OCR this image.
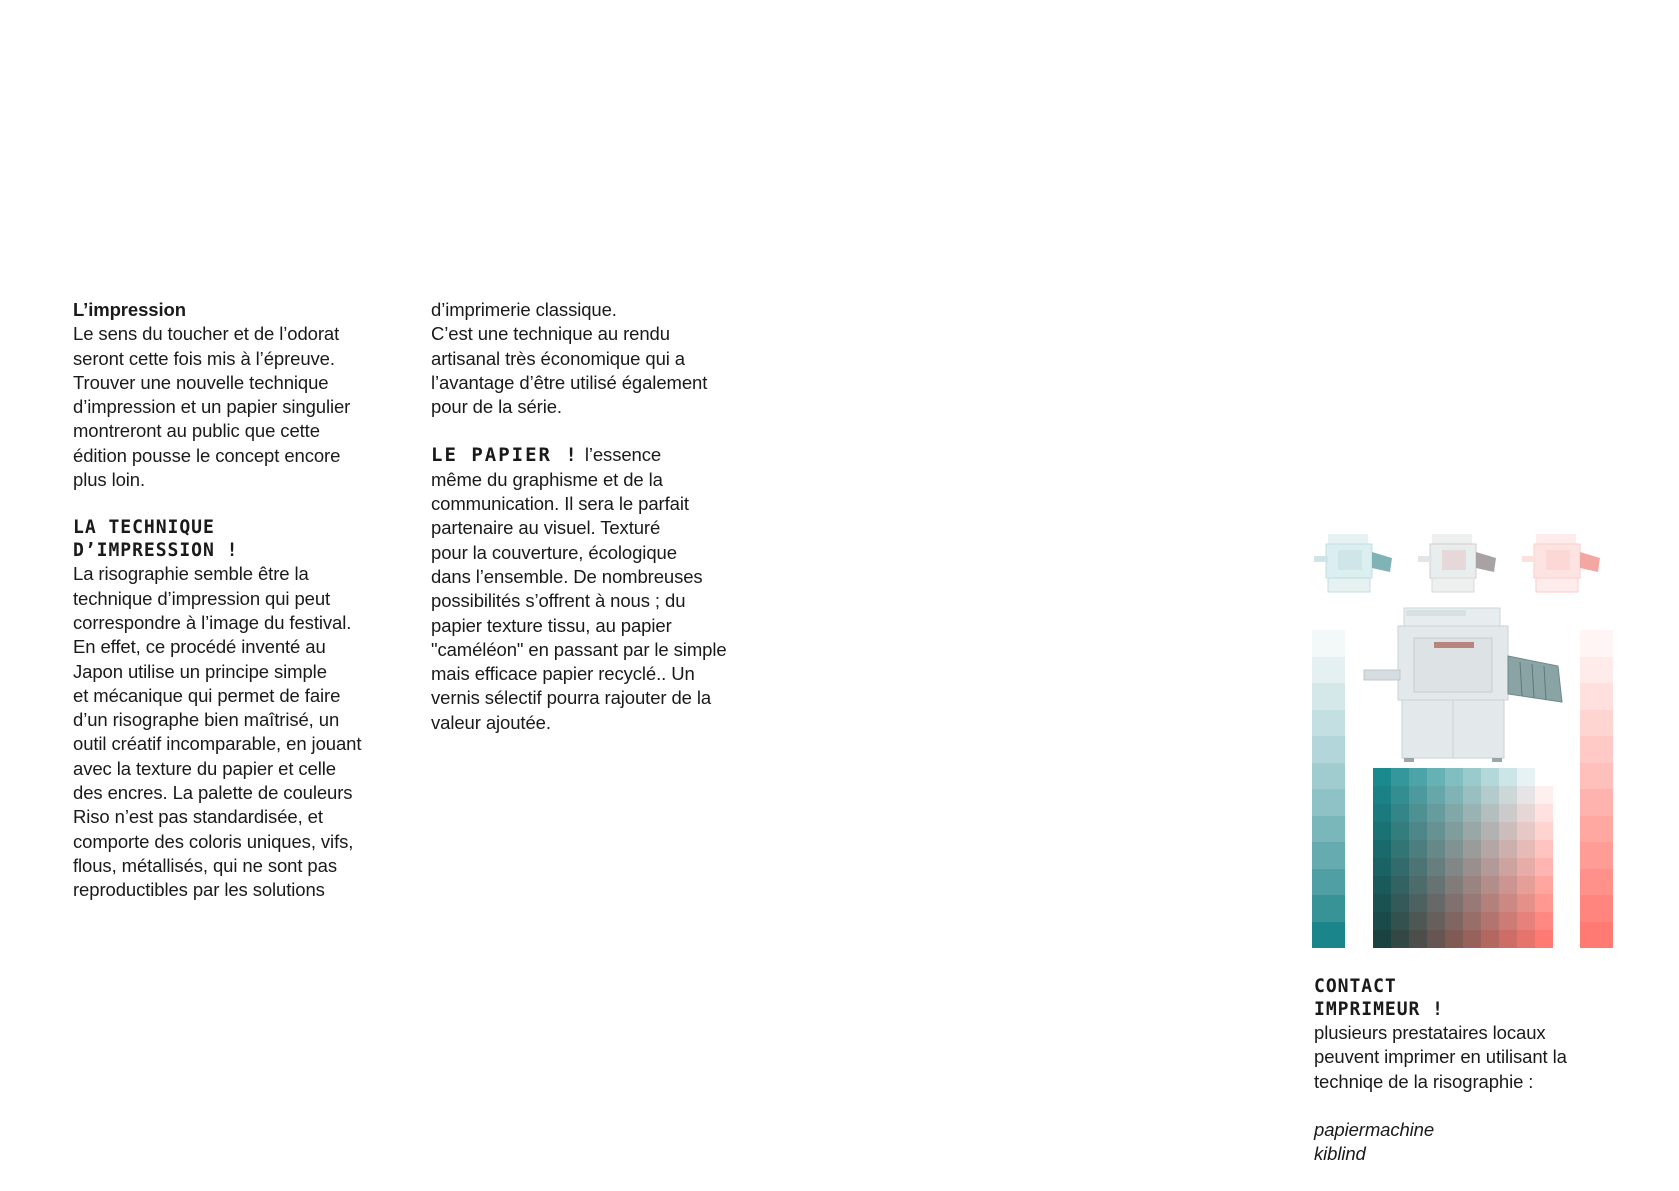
L’impression

Le sens du toucher et de l’odorat

seront cette fois mis à l’épreuve.

Trouver une nouvelle technique

d’impression et un papier singulier

montreront au public que cette

édition pousse le concept encore

plus loin.

LA TECHNIQUE

D’IMPRESSION !

La risographie semble être la

technique d’impression qui peut

correspondre à l’image du festival.

En effet, ce procédé inventé au

Japon utilise un principe simple

et mécanique qui permet de faire

d’un risographe bien maîtrisé, un

outil créatif incomparable, en jouant

avec la texture du papier et celle

des encres. La palette de couleurs

Riso n’est pas standardisée, et

comporte des coloris uniques, vifs,

flous, métallisés, qui ne sont pas

reproductibles par les solutions

d’imprimerie classique.

C’est une technique au rendu

artisanal très économique qui a

l’avantage d’être utilisé également

pour de la série.

LE PAPIER ! l’essence

même du graphisme et de la

communication. Il sera le parfait

partenaire au visuel. Texturé

pour la couverture, écologique

dans l’ensemble. De nombreuses

possibilités s’offrent à nous ; du

papier texture tissu, au papier

"caméléon" en passant par le simple

mais efficace papier recyclé.. Un

vernis sélectif pourra rajouter de la

valeur ajoutée.

CONTACT

IMPRIMEUR !

plusieurs prestataires locaux

peuvent imprimer en utilisant la

techniqe de la risographie :

papiermachine

kiblind
